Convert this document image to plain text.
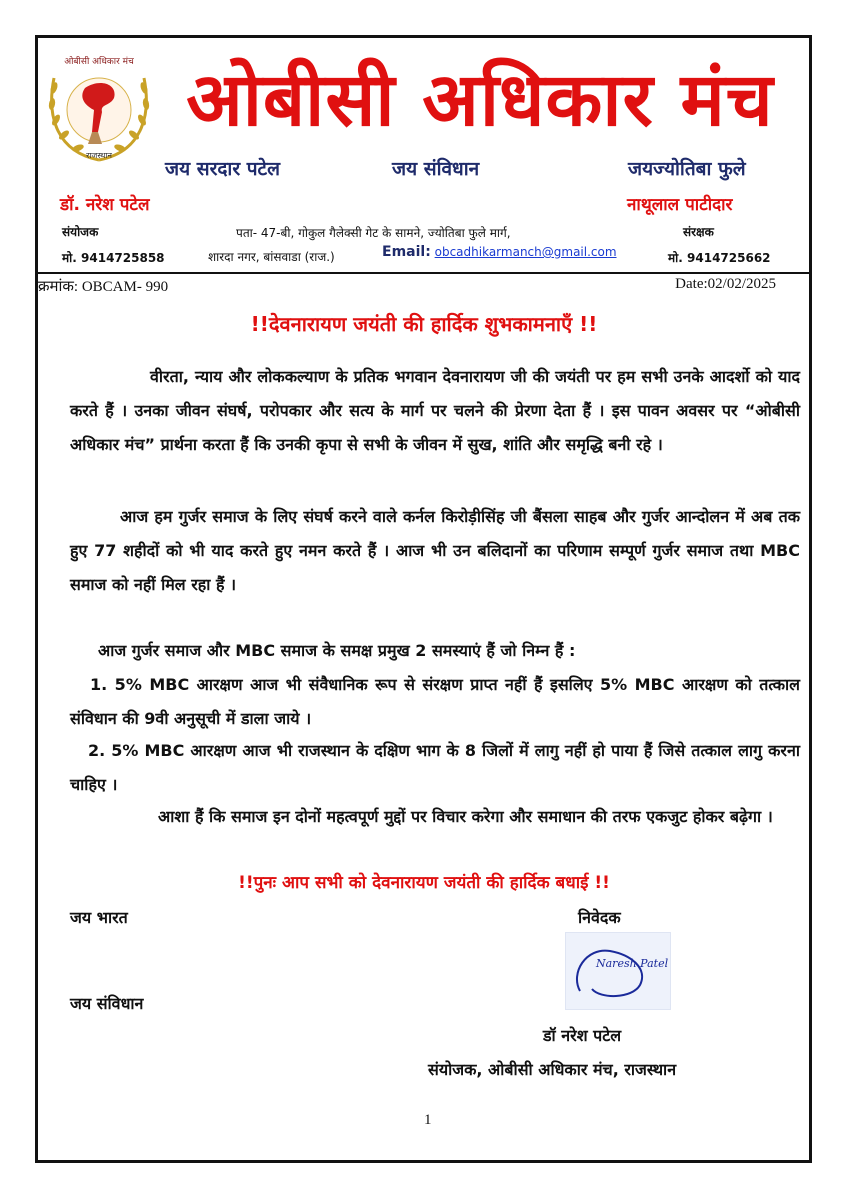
ओबीसी अधिकार मंच
राजस्थान
ओबीसी अधिकार मंच
जय सरदार पटेल	जय संविधान	जयज्योतिबा फुले
डॉ. नरेश पटेल	नाथूलाल पाटीदार
संयोजक	संरक्षक
पता- 47-बी, गोकुल गैलेक्सी गेट के सामने, ज्योतिबा फुले मार्ग,
मो. 9414725858	शारदा नगर, बांसवाडा (राज.)	Email: obcadhikarmanch@gmail.com	मो. 9414725662
क्रमांक: OBCAM- 990	Date:02/02/2025
!!देवनारायण जयंती की हार्दिक शुभकामनाएँ !!
वीरता, न्याय और लोककल्याण के प्रतिक भगवान देवनारायण जी की जयंती पर हम सभी उनके आदर्शो को याद करते हैं । उनका जीवन संघर्ष, परोपकार और सत्य के मार्ग पर चलने की प्रेरणा देता हैं । इस पावन अवसर पर “ओबीसी अधिकार मंच” प्रार्थना करता हैं कि उनकी कृपा से सभी के जीवन में सुख, शांति और समृद्धि बनी रहे ।
आज हम गुर्जर समाज के लिए संघर्ष करने वाले कर्नल किरोड़ीसिंह जी बैंसला साहब और गुर्जर आन्दोलन में अब तक हुए 77 शहीदों को भी याद करते हुए नमन करते हैं । आज भी उन बलिदानों का परिणाम सम्पूर्ण गुर्जर समाज तथा MBC समाज को नहीं मिल रहा हैं ।
आज गुर्जर समाज और MBC समाज के समक्ष प्रमुख 2 समस्याएं हैं जो निम्न हैं :
1. 5% MBC आरक्षण आज भी संवैधानिक रूप से संरक्षण प्राप्त नहीं हैं इसलिए 5% MBC आरक्षण को तत्काल संविधान की 9वी अनुसूची में डाला जाये ।
2. 5% MBC आरक्षण आज भी राजस्थान के दक्षिण भाग के 8 जिलों में लागु नहीं हो पाया हैं जिसे तत्काल लागु करना चाहिए ।
आशा हैं कि समाज इन दोनों महत्वपूर्ण मुद्दों पर विचार करेगा और समाधान की तरफ एकजुट होकर बढ़ेगा ।
!!पुनः आप सभी को देवनारायण जयंती की हार्दिक बधाई !!
जय भारत	निवेदक
Naresh Patel
जय संविधान
डॉ नरेश पटेल
संयोजक, ओबीसी अधिकार मंच, राजस्थान
1
